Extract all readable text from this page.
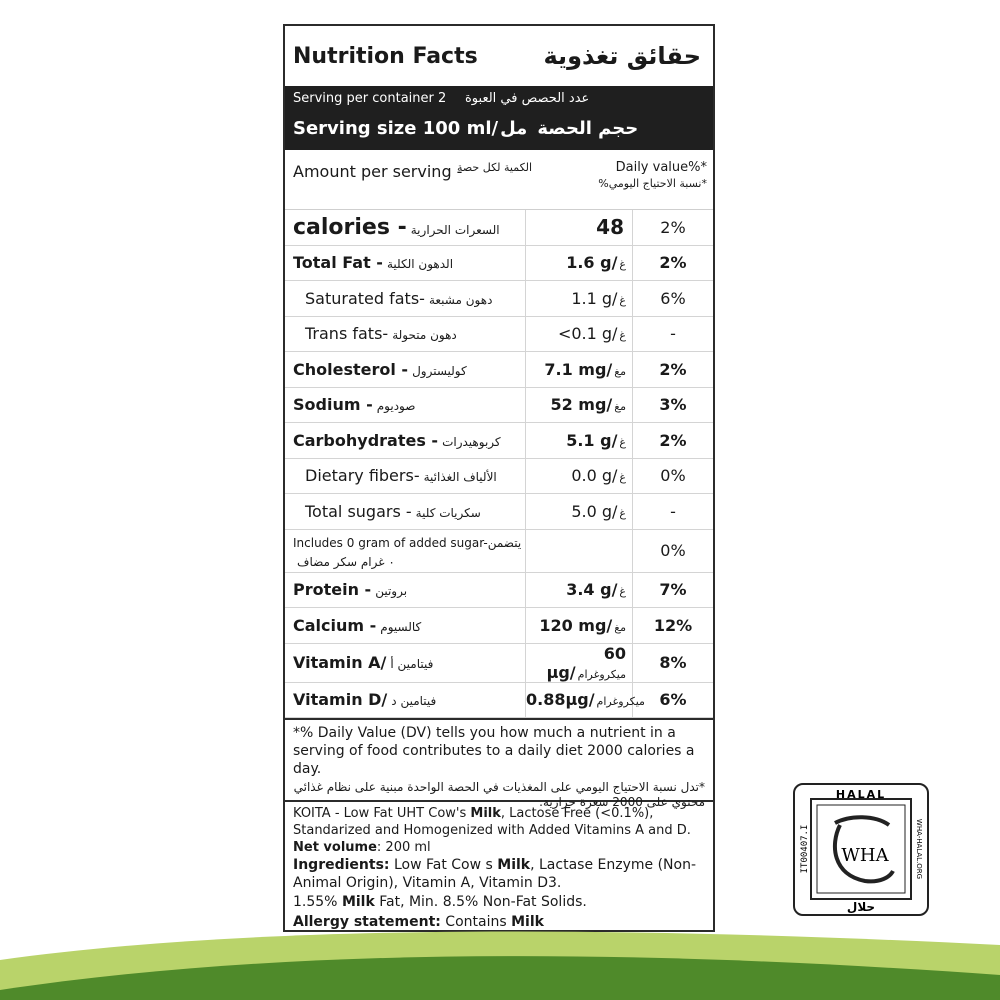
Nutrition Facts	حقائق تغذوية
Serving per container 2 عدد الحصص في العبوة
Serving size 100 ml/ مل حجم الحصة
Amount per serving -
الكمية لكل حصة	Daily value%*
*نسبة الاحتياج اليومي%
calories - السعرات الحرارية	48	2%
Total Fat - الدهون الكلية	1.6 g/ غ	2%
Saturated fats- دهون مشبعة	1.1 g/ غ	6%
Trans fats- دهون متحولة	<0.1 g/ غ	-
Cholesterol - كوليسترول	7.1 mg/ مغ	2%
Sodium - صوديوم	52 mg/ مغ	3%
Carbohydrates - كربوهيدرات	5.1 g/ غ	2%
Dietary fibers- الألياف الغذائية	0.0 g/ غ	0%
Total sugars - سكريات كلية	5.0 g/ غ	-
Includes 0 gram of added sugar-يتضمن ٠ غرام سكر مضاف		0%
Protein - بروتين	3.4 g/ غ	7%
Calcium - كالسيوم	120 mg/ مغ	12%
Vitamin A/ فيتامين أ	60 µg/ ميكروغرام	8%
Vitamin D/ فيتامين د	0.88µg/ ميكروغرام	6%
*% Daily Value (DV) tells you how much a nutrient in a serving of food contributes to a daily diet 2000 calories a day.
*تدل نسبة الاحتياج اليومي على المغذيات في الحصة الواحدة مبنية على نظام غذائي محتوي على 2000 سعرة حرارية.
KOITA - Low Fat UHT Cow's Milk, Lactose Free (<0.1%),
Standarized and Homogenized with Added Vitamins A and D.
Net volume: 200 ml
Ingredients: Low Fat Cow s Milk, Lactase Enzyme (Non-Animal Origin), Vitamin A, Vitamin D3.
1.55% Milk Fat, Min. 8.5% Non-Fat Solids.
Allergy statement: Contains Milk
HALAL
حلال
IT00407.I	WHA-HALAL.ORG
WHA
